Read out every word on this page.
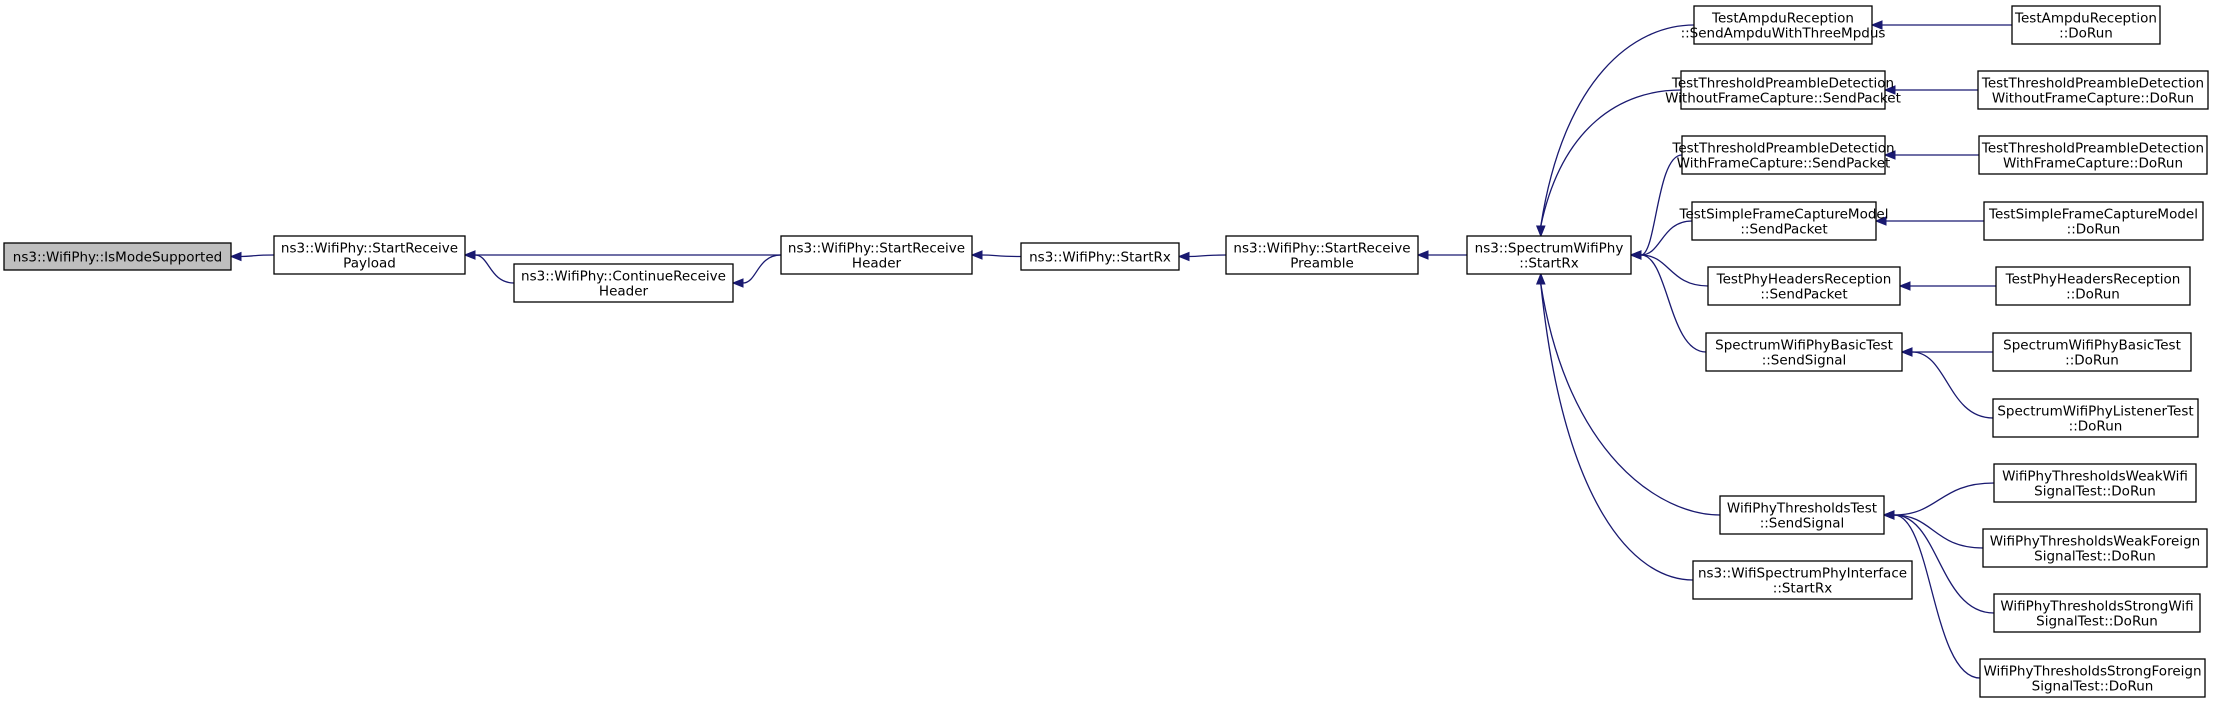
ns3::WifiPhy::IsModeSupported
ns3::WifiPhy::StartReceive
Payload
ns3::WifiPhy::ContinueReceive
Header
ns3::WifiPhy::StartReceive
Header	ns3::WifiPhy::StartRx
ns3::WifiPhy::StartReceive
Preamble
ns3::SpectrumWifiPhy
::StartRx
TestAmpduReception
::SendAmpduWithThreeMpdus
TestAmpduReception
::DoRun
TestThresholdPreambleDetection
WithoutFrameCapture::SendPacket
TestThresholdPreambleDetection
WithoutFrameCapture::DoRun
TestThresholdPreambleDetection
WithFrameCapture::SendPacket
TestThresholdPreambleDetection
WithFrameCapture::DoRun
TestSimpleFrameCaptureModel
::SendPacket
TestSimpleFrameCaptureModel
::DoRun
TestPhyHeadersReception
::SendPacket
TestPhyHeadersReception
::DoRun
SpectrumWifiPhyBasicTest
::SendSignal
SpectrumWifiPhyBasicTest
::DoRun
SpectrumWifiPhyListenerTest
::DoRun
WifiPhyThresholdsTest
::SendSignal
WifiPhyThresholdsWeakWifi
SignalTest::DoRun
WifiPhyThresholdsWeakForeign
SignalTest::DoRun
WifiPhyThresholdsStrongWifi
SignalTest::DoRun
WifiPhyThresholdsStrongForeign
SignalTest::DoRun
ns3::WifiSpectrumPhyInterface
::StartRx
